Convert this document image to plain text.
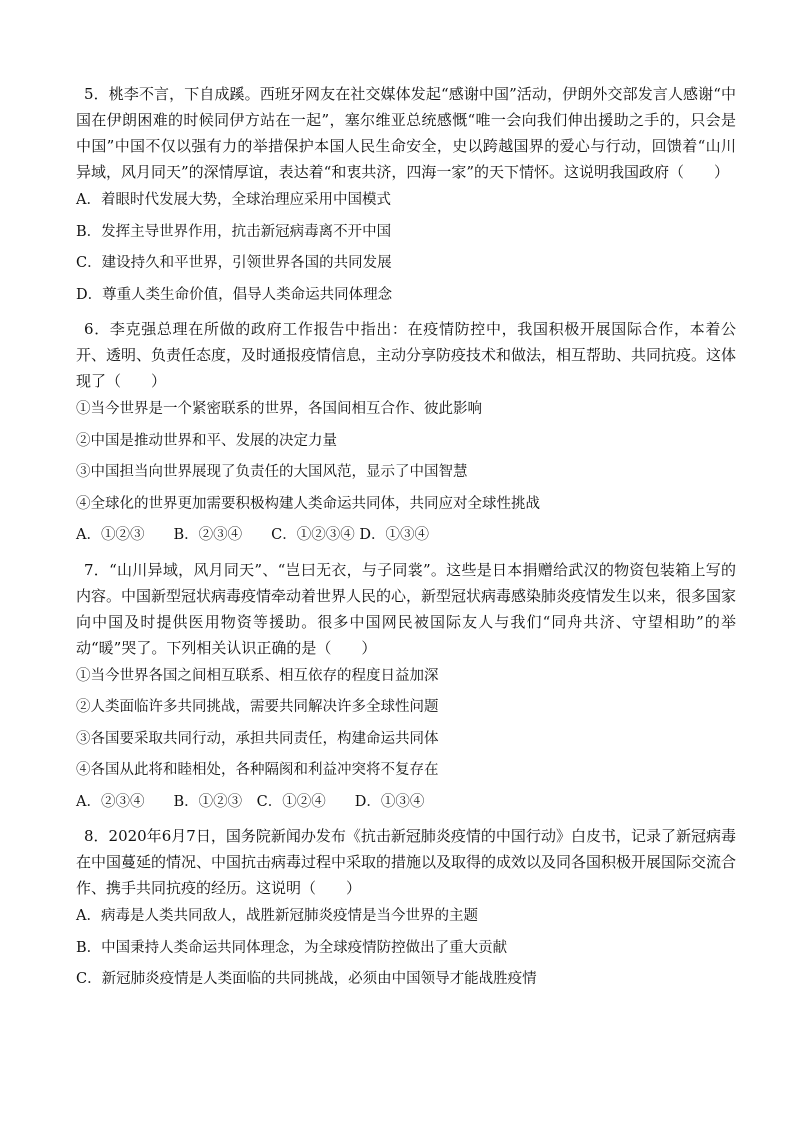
5．桃李不言，下自成蹊。西班牙网友在社交媒体发起“感谢中国”活动，伊朗外交部发言人感谢“中国在伊朗困难的时候同伊方站在一起”，塞尔维亚总统感慨“唯一会向我们伸出援助之手的，只会是中国”中国不仅以强有力的举措保护本国人民生命安全，史以跨越国界的爱心与行动，回馈着“山川异域，风月同天”的深情厚谊，表达着“和衷共济，四海一家”的天下情怀。这说明我国政府（　　）

A．着眼时代发展大势，全球治理应采用中国模式
B．发挥主导世界作用，抗击新冠病毒离不开中国
C．建设持久和平世界，引领世界各国的共同发展
D．尊重人类生命价值，倡导人类命运共同体理念

6．李克强总理在所做的政府工作报告中指出：在疫情防控中，我国积极开展国际合作，本着公开、透明、负责任态度，及时通报疫情信息，主动分享防疫技术和做法，相互帮助、共同抗疫。这体现了（　　）

①当今世界是一个紧密联系的世界，各国间相互合作、彼此影响
②中国是推动世界和平、发展的决定力量
③中国担当向世界展现了负责任的大国风范，显示了中国智慧
④全球化的世界更加需要积极构建人类命运共同体，共同应对全球性挑战
A．①②③　　B．②③④　　C．①②③④ D．①③④

7．“山川异域，风月同天”、“岂曰无衣，与子同裳”。这些是日本捐赠给武汉的物资包装箱上写的内容。中国新型冠状病毒疫情牵动着世界人民的心，新型冠状病毒感染肺炎疫情发生以来，很多国家向中国及时提供医用物资等援助。很多中国网民被国际友人与我们“同舟共济、守望相助”的举动“暖”哭了。下列相关认识正确的是（　　）

①当今世界各国之间相互联系、相互依存的程度日益加深
②人类面临许多共同挑战，需要共同解决许多全球性问题
③各国要采取共同行动，承担共同责任，构建命运共同体
④各国从此将和睦相处，各种隔阂和利益冲突将不复存在
A．②③④　　B．①②③　C．①②④　　D．①③④

8．2020年6月7日，国务院新闻办发布《抗击新冠肺炎疫情的中国行动》白皮书，记录了新冠病毒在中国蔓延的情况、中国抗击病毒过程中采取的措施以及取得的成效以及同各国积极开展国际交流合作、携手共同抗疫的经历。这说明（　　）

A．病毒是人类共同敌人，战胜新冠肺炎疫情是当今世界的主题
B．中国秉持人类命运共同体理念，为全球疫情防控做出了重大贡献
C．新冠肺炎疫情是人类面临的共同挑战，必须由中国领导才能战胜疫情
